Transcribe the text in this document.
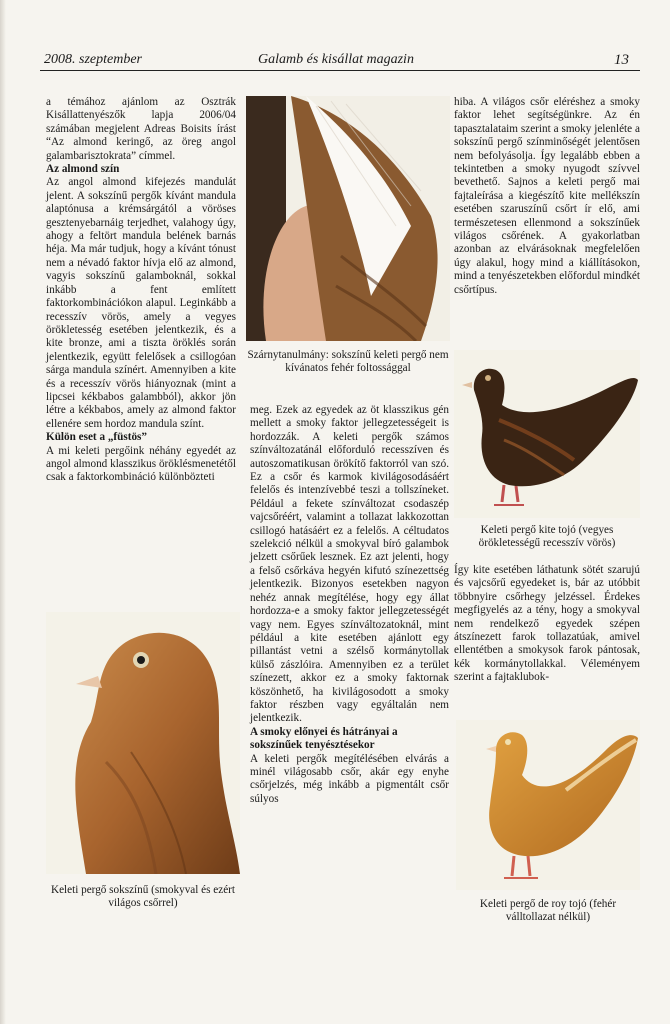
2008. szeptember	Galamb és kisállat magazin	13

a témához ajánlom az Osztrák Kisállattenyészők lapja 2006/04 számában megjelent Adreas Boisits írást “Az almond keringő, az öreg angol galambarisztokrata” címmel.

Az almond szín

Az angol almond kifejezés mandulát jelent. A sokszínű pergők kívánt mandula alaptónusa a krémsárgától a vöröses gesztenyebarnáig terjedhet, valahogy úgy, ahogy a feltört mandula belének barnás héja. Ma már tudjuk, hogy a kívánt tónust nem a névadó faktor hívja elő az almond, vagyis sokszínű galamboknál, sokkal inkább a fent említett faktorkombinációkon alapul. Leginkább a recesszív vörös, amely a vegyes örökletesség esetében jelentkezik, és a kite bronze, ami a tiszta öröklés során jelentkezik, együtt felelősek a csillogóan sárga mandula színért. Amennyiben a kite és a recesszív vörös hiányoznak (mint a lipcsei kékbabos galambból), akkor jön létre a kékbabos, amely az almond faktor ellenére sem hordoz mandula színt.

Külön eset a „füstös”

A mi keleti pergőink néhány egyedét az angol almond klasszikus öröklésmenetétől csak a faktorkombináció különbözteti

Keleti pergő sokszínű (smokyval és ezért világos csőrrel)
Szárnytanulmány: sokszínű keleti pergő nem kívánatos fehér foltossággal

meg. Ezek az egyedek az öt klasszikus gén mellett a smoky faktor jellegzetességeit is hordozzák. A keleti pergők számos színváltozatánál előforduló recesszíven és autoszomatikusan örökítő faktorról van szó. Ez a csőr és karmok kivilágosodásáért felelős és intenzívebbé teszi a tollszíneket. Például a fekete színváltozat csodaszép vajcsőréért, valamint a tollazat lakkozottan csillogó hatásáért ez a felelős. A céltudatos szelekció nélkül a smokyval bíró galambok jelzett csőrűek lesznek. Ez azt jelenti, hogy a felső csőrkáva hegyén kifutó színezettség jelentkezik. Bizonyos esetekben nagyon nehéz annak megítélése, hogy egy állat hordozza-e a smoky faktor jellegzetességét vagy nem. Egyes színváltozatoknál, mint például a kite esetében ajánlott egy pillantást vetni a szélső kormánytollak külső zászlóira. Amennyiben ez a terület színezett, akkor ez a smoky faktornak köszönhető, ha kivilágosodott a smoky faktor részben vagy egyáltalán nem jelentkezik.

A smoky előnyei és hátrányai a sokszínűek tenyésztésekor

A keleti pergők megítélésében elvárás a minél világosabb csőr, akár egy enyhe csőrjelzés, még inkább a pigmentált csőr súlyos

hiba. A világos csőr eléréshez a smoky faktor lehet segítségünkre. Az én tapasztalataim szerint a smoky jelenléte a sokszínű pergő színminőségét jelentősen nem befolyásolja. Így legalább ebben a tekintetben a smoky nyugodt szívvel bevethető. Sajnos a keleti pergő mai fajtaleírása a kiegészítő kite mellékszín esetében szaruszínű csőrt ír elő, ami természetesen ellenmond a sokszínűek világos csőrének. A gyakorlatban azonban az elvárásoknak megfelelően úgy alakul, hogy mind a kiállításokon, mind a tenyészetekben előfordul mindkét csőrtípus.

Keleti pergő kite tojó (vegyes örökletességű recesszív vörös)

Így kite esetében láthatunk sötét szarujú és vajcsőrű egyedeket is, bár az utóbbit többnyire csőrhegy jelzéssel. Érdekes megfigyelés az a tény, hogy a smokyval nem rendelkező egyedek szépen átszínezett farok tollazatúak, amivel ellentétben a smokysok farok pántosak, kék kormánytollakkal. Véleményem szerint a fajtaklubok-

Keleti pergő de roy tojó (fehér válltollazat nélkül)
